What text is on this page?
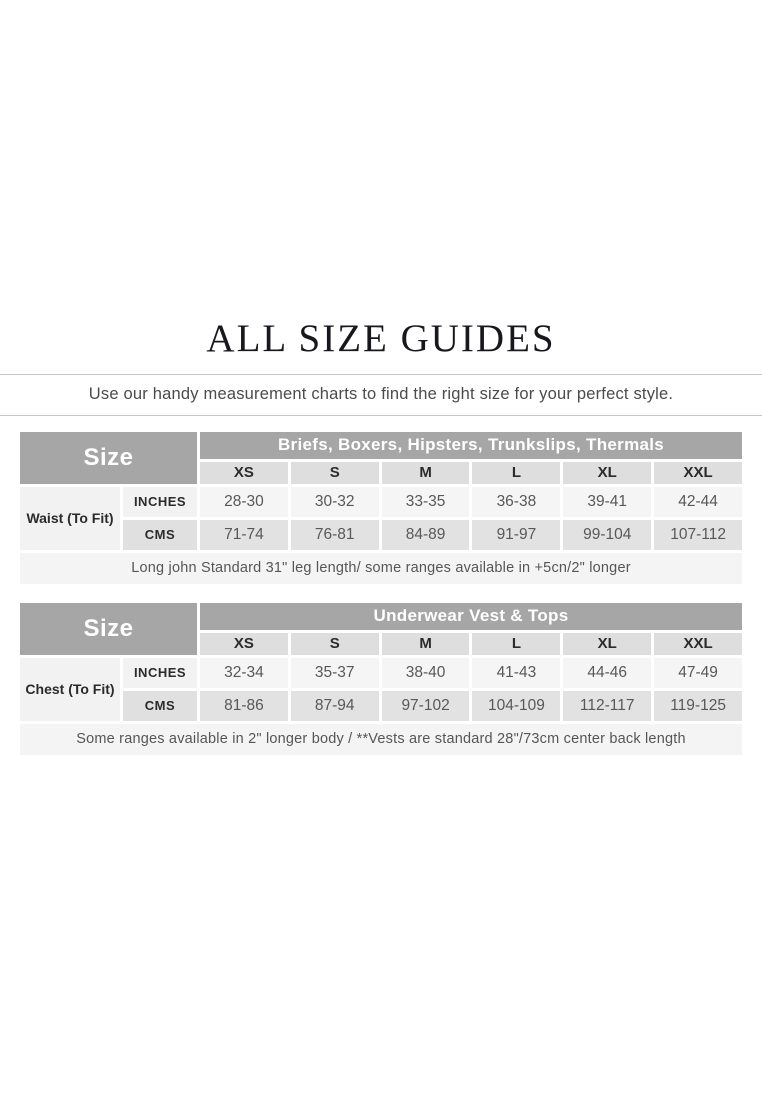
ALL SIZE GUIDES
Use our handy measurement charts to find the right size for your perfect style.
Size		Briefs, Boxers, Hipsters, Trunkslips, Thermals					
		XS	S	M	L	XL	XXL
Waist (To Fit)	INCHES	28-30	30-32	33-35	36-38	39-41	42-44
	CMS	71-74	76-81	84-89	91-97	99-104	107-112
Long john Standard 31" leg length/ some ranges available in +5cn/2" longer							
Size		Underwear Vest & Tops					
		XS	S	M	L	XL	XXL
Chest (To Fit)	INCHES	32-34	35-37	38-40	41-43	44-46	47-49
	CMS	81-86	87-94	97-102	104-109	112-117	119-125
Some ranges available in 2" longer body / **Vests are standard 28"/73cm center back length							
